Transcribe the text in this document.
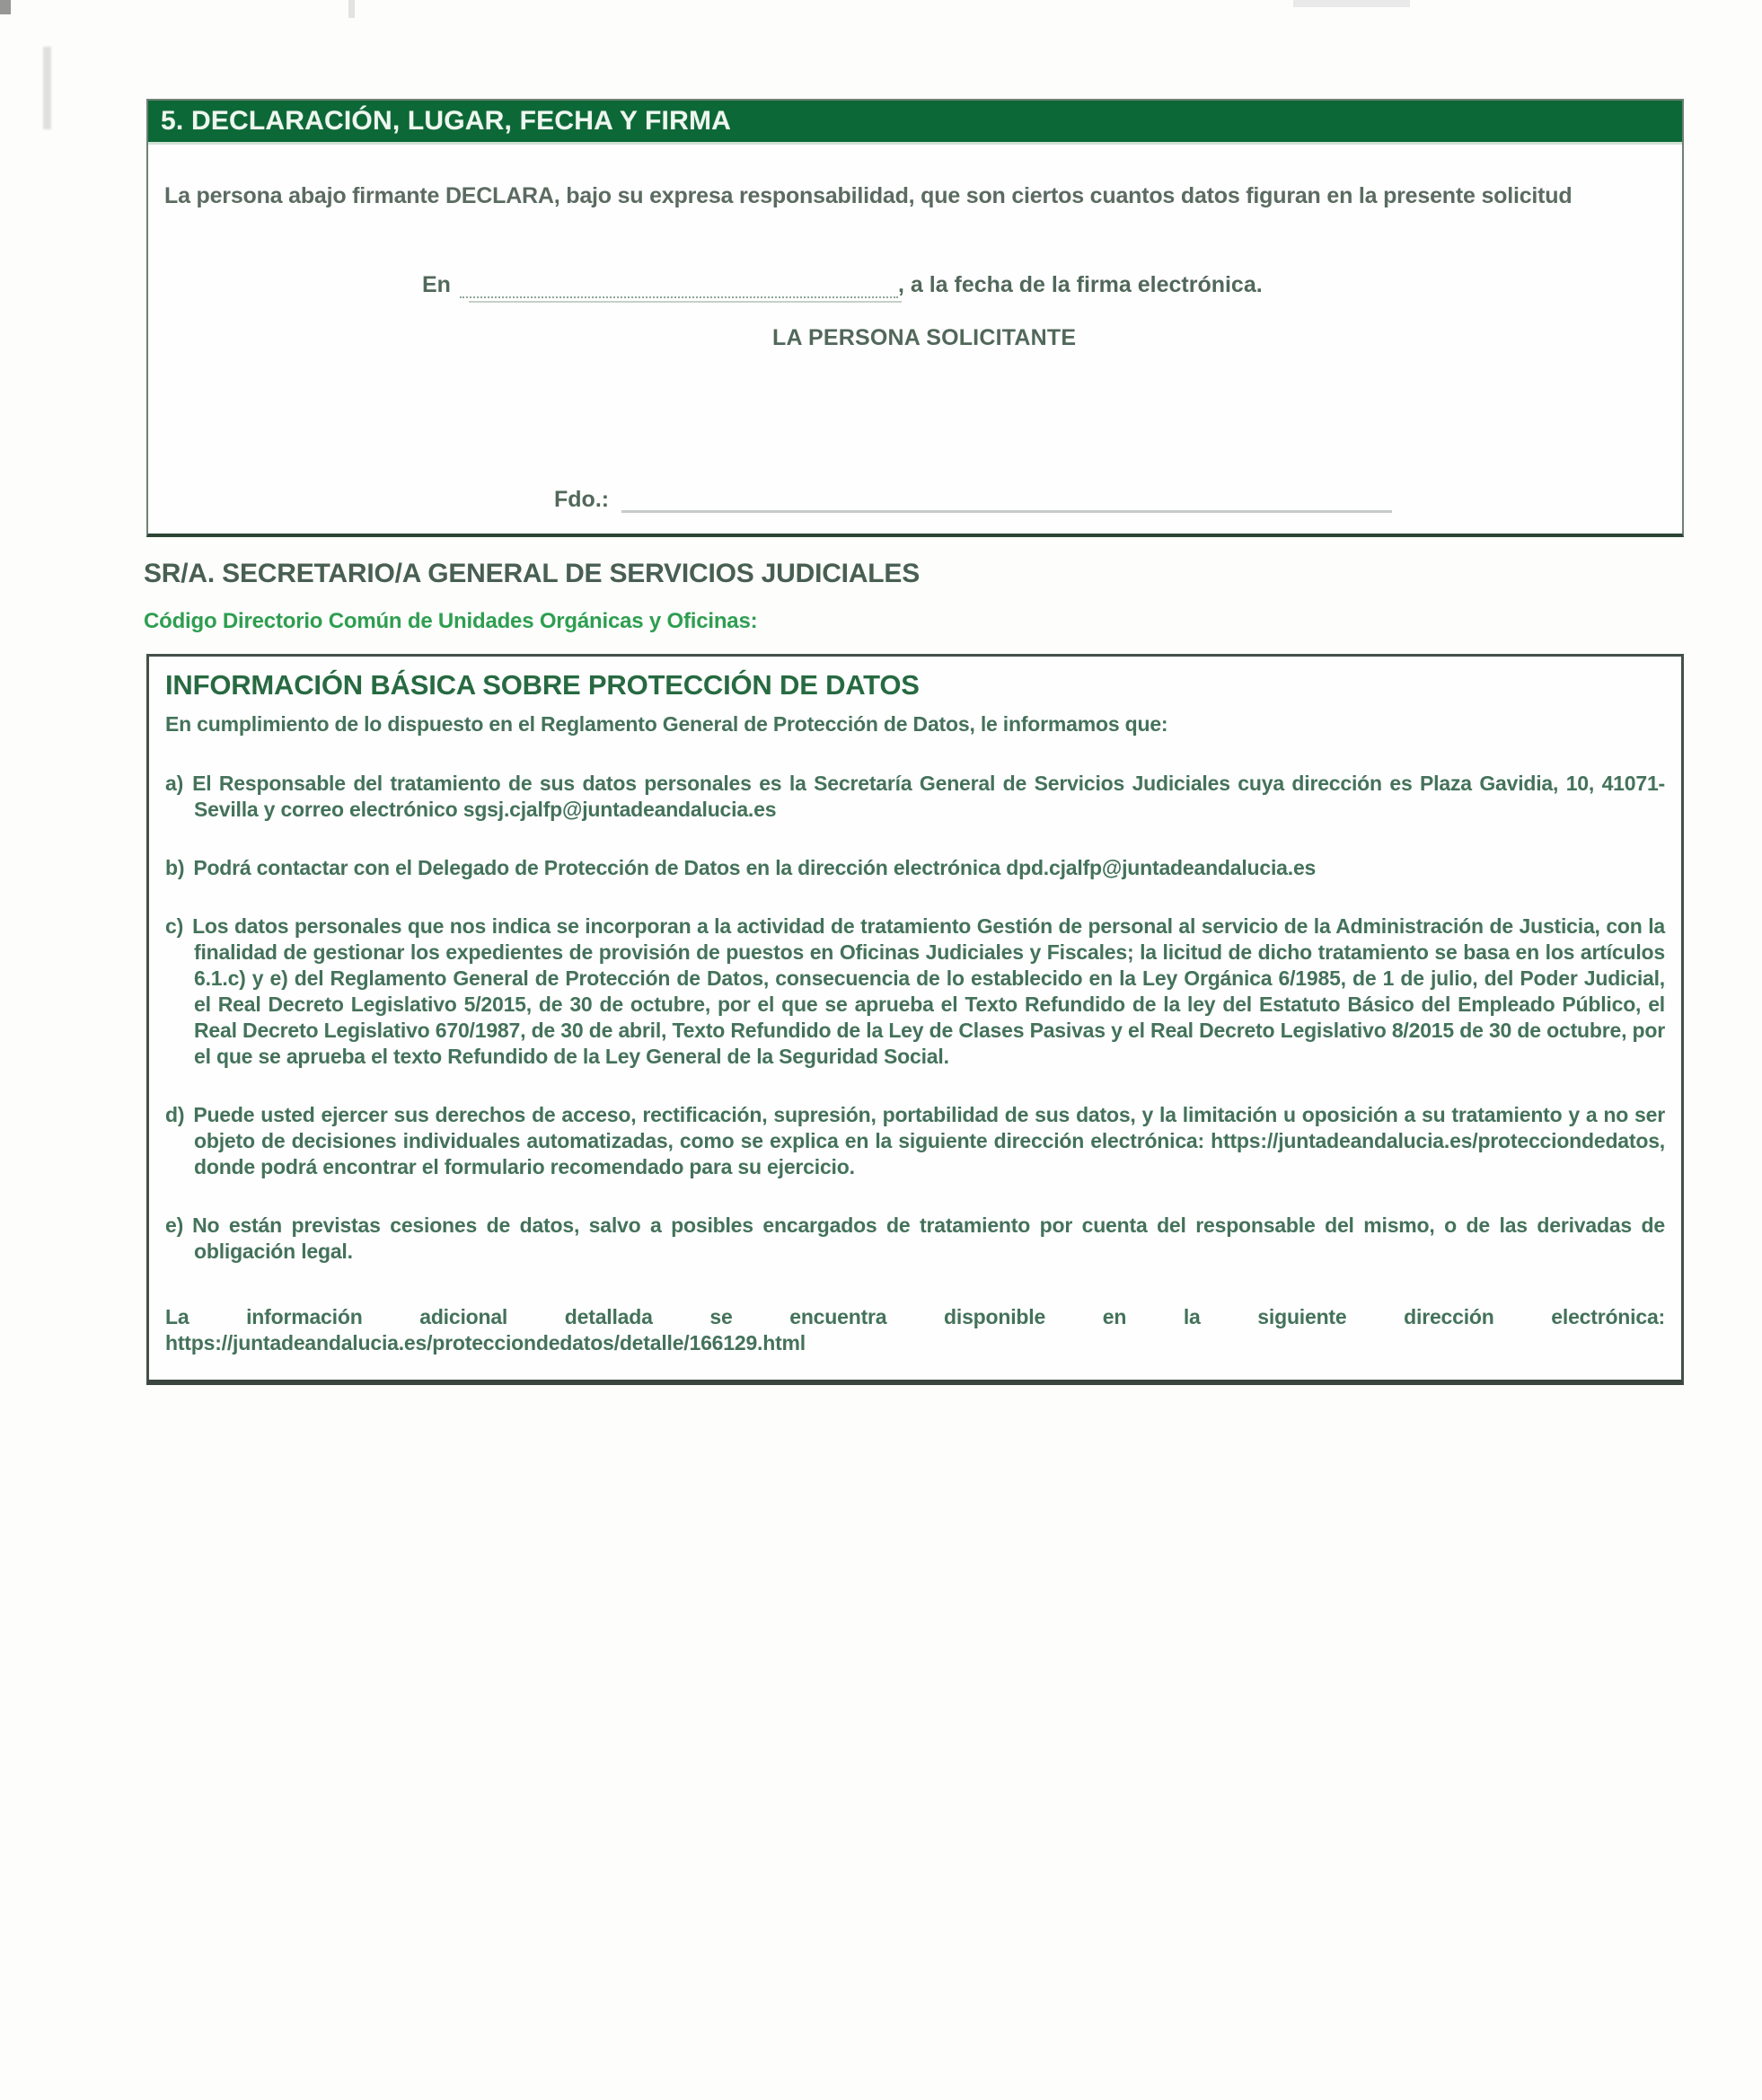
5. DECLARACIÓN, LUGAR, FECHA Y FIRMA
La persona abajo firmante DECLARA, bajo su expresa responsabilidad, que son ciertos cuantos datos figuran en la presente solicitud
En	, a la fecha de la firma electrónica.
LA PERSONA SOLICITANTE
Fdo.:
SR/A. SECRETARIO/A GENERAL DE SERVICIOS JUDICIALES
Código Directorio Común de Unidades Orgánicas y Oficinas:
INFORMACIÓN BÁSICA SOBRE PROTECCIÓN DE DATOS
En cumplimiento de lo dispuesto en el Reglamento General de Protección de Datos, le informamos que:
a) El Responsable del tratamiento de sus datos personales es la Secretaría General de Servicios Judiciales cuya dirección es Plaza Gavidia, 10, 41071-Sevilla y correo electrónico sgsj.cjalfp@juntadeandalucia.es
b) Podrá contactar con el Delegado de Protección de Datos en la dirección electrónica dpd.cjalfp@juntadeandalucia.es
c) Los datos personales que nos indica se incorporan a la actividad de tratamiento Gestión de personal al servicio de la Administración de Justicia, con la finalidad de gestionar los expedientes de provisión de puestos en Oficinas Judiciales y Fiscales; la licitud de dicho tratamiento se basa en los artículos 6.1.c) y e) del Reglamento General de Protección de Datos, consecuencia de lo establecido en la Ley Orgánica 6/1985, de 1 de julio, del Poder Judicial, el Real Decreto Legislativo 5/2015, de 30 de octubre, por el que se aprueba el Texto Refundido de la ley del Estatuto Básico del Empleado Público, el Real Decreto Legislativo 670/1987, de 30 de abril, Texto Refundido de la Ley de Clases Pasivas y el Real Decreto Legislativo 8/2015 de 30 de octubre, por el que se aprueba el texto Refundido de la Ley General de la Seguridad Social.
d) Puede usted ejercer sus derechos de acceso, rectificación, supresión, portabilidad de sus datos, y la limitación u oposición a su tratamiento y a no ser objeto de decisiones individuales automatizadas, como se explica en la siguiente dirección electrónica: https://juntadeandalucia.es/protecciondedatos, donde podrá encontrar el formulario recomendado para su ejercicio.
e) No están previstas cesiones de datos, salvo a posibles encargados de tratamiento por cuenta del responsable del mismo, o de las derivadas de obligación legal.
La información adicional detallada se encuentra disponible en la siguiente dirección electrónica: https://juntadeandalucia.es/protecciondedatos/detalle/166129.html
